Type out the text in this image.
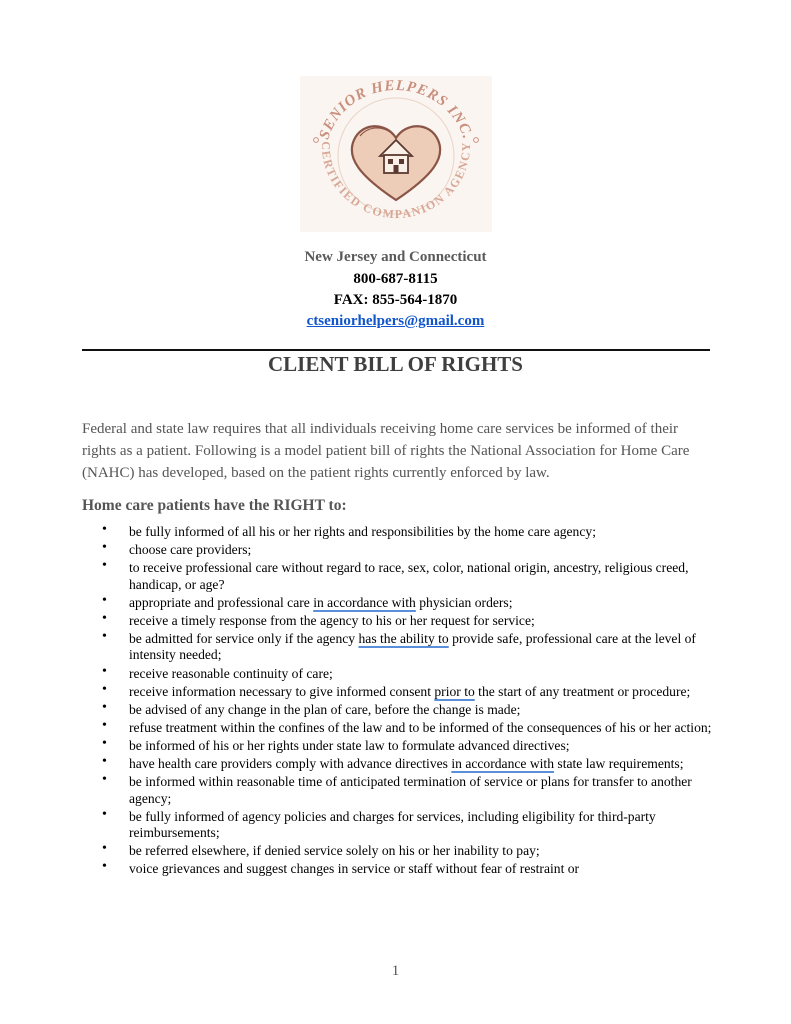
SENIOR HELPERS INC.
CERTIFIED COMPANION AGENCY
New Jersey and Connecticut
800-687-8115
FAX: 855-564-1870
ctseniorhelpers@gmail.com
CLIENT BILL OF RIGHTS

Federal and state law requires that all individuals receiving home care services be informed of their rights as a patient. Following is a model patient bill of rights the National Association for Home Care (NAHC) has developed, based on the patient rights currently enforced by law.

Home care patients have the RIGHT to:
• be fully informed of all his or her rights and responsibilities by the home care agency;
• choose care providers;
• to receive professional care without regard to race, sex, color, national origin, ancestry, religious creed, handicap, or age?
• appropriate and professional care in accordance with physician orders;
• receive a timely response from the agency to his or her request for service;
• be admitted for service only if the agency has the ability to provide safe, professional care at the level of intensity needed;
• receive reasonable continuity of care;
• receive information necessary to give informed consent prior to the start of any treatment or procedure;
• be advised of any change in the plan of care, before the change is made;
• refuse treatment within the confines of the law and to be informed of the consequences of his or her action;
• be informed of his or her rights under state law to formulate advanced directives;
• have health care providers comply with advance directives in accordance with state law requirements;
• be informed within reasonable time of anticipated termination of service or plans for transfer to another agency;
• be fully informed of agency policies and charges for services, including eligibility for third-party reimbursements;
• be referred elsewhere, if denied service solely on his or her inability to pay;
• voice grievances and suggest changes in service or staff without fear of restraint or
1
